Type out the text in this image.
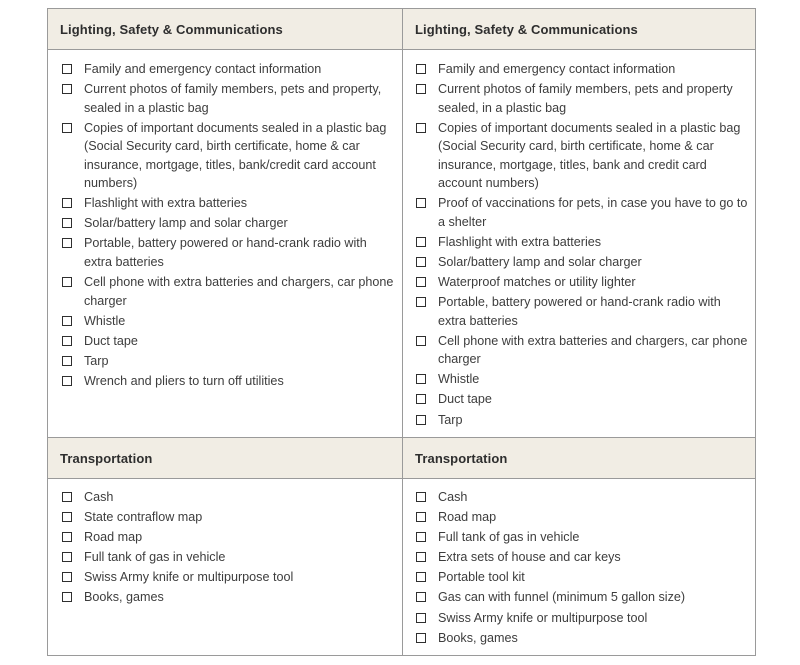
Lighting, Safety & Communications	Lighting, Safety & Communications
Family and emergency contact information
Current photos of family members, pets and property, sealed in a plastic bag
Copies of important documents sealed in a plastic bag (Social Security card, birth certificate, home & car insurance, mortgage, titles, bank/credit card account numbers)
Flashlight with extra batteries
Solar/battery lamp and solar charger
Portable, battery powered or hand-crank radio with extra batteries
Cell phone with extra batteries and chargers, car phone charger
Whistle
Duct tape
Tarp
Wrench and pliers to turn off utilities
Family and emergency contact information
Current photos of family members, pets and property sealed, in a plastic bag
Copies of important documents sealed in a plastic bag (Social Security card, birth certificate, home & car insurance, mortgage, titles, bank and credit card account numbers)
Proof of vaccinations for pets, in case you have to go to a shelter
Flashlight with extra batteries
Solar/battery lamp and solar charger
Waterproof matches or utility lighter
Portable, battery powered or hand-crank radio with extra batteries
Cell phone with extra batteries and chargers, car phone charger
Whistle
Duct tape
Tarp
Transportation	Transportation
Cash
State contraflow map
Road map
Full tank of gas in vehicle
Swiss Army knife or multipurpose tool
Books, games
Cash
Road map
Full tank of gas in vehicle
Extra sets of house and car keys
Portable tool kit
Gas can with funnel (minimum 5 gallon size)
Swiss Army knife or multipurpose tool
Books, games
